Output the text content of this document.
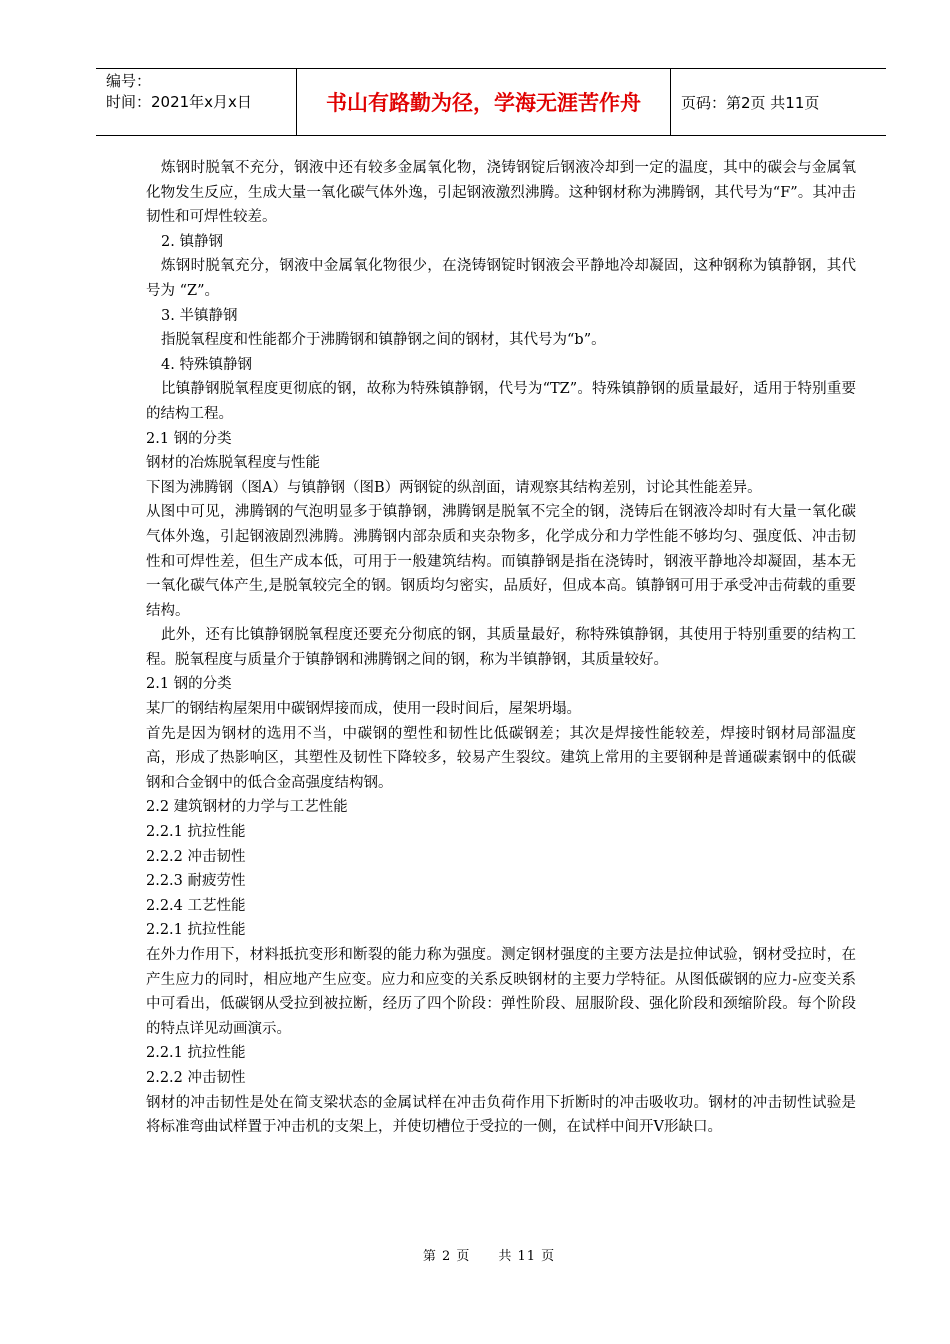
编号：
时间：2021年x月x日	书山有路勤为径，学海无涯苦作舟	页码：第2页 共11页

炼钢时脱氧不充分，钢液中还有较多金属氧化物，浇铸钢锭后钢液冷却到一定的温度，其中的碳会与金属氧化物发生反应，生成大量一氧化碳气体外逸，引起钢液激烈沸腾。这种钢材称为沸腾钢，其代号为“F”。其冲击韧性和可焊性较差。

2. 镇静钢

炼钢时脱氧充分，钢液中金属氧化物很少，在浇铸钢锭时钢液会平静地冷却凝固，这种钢称为镇静钢，其代号为 “Z”。

3. 半镇静钢

指脱氧程度和性能都介于沸腾钢和镇静钢之间的钢材，其代号为“b”。

4. 特殊镇静钢

比镇静钢脱氧程度更彻底的钢，故称为特殊镇静钢，代号为“TZ”。特殊镇静钢的质量最好，适用于特别重要的结构工程。

2.1 钢的分类

钢材的冶炼脱氧程度与性能

下图为沸腾钢（图A）与镇静钢（图B）两钢锭的纵剖面，请观察其结构差别，讨论其性能差异。

从图中可见，沸腾钢的气泡明显多于镇静钢，沸腾钢是脱氧不完全的钢，浇铸后在钢液冷却时有大量一氧化碳气体外逸，引起钢液剧烈沸腾。沸腾钢内部杂质和夹杂物多，化学成分和力学性能不够均匀、强度低、冲击韧性和可焊性差，但生产成本低，可用于一般建筑结构。而镇静钢是指在浇铸时，钢液平静地冷却凝固，基本无一氧化碳气体产生,是脱氧较完全的钢。钢质均匀密实，品质好，但成本高。镇静钢可用于承受冲击荷载的重要结构。

此外，还有比镇静钢脱氧程度还要充分彻底的钢，其质量最好，称特殊镇静钢，其使用于特别重要的结构工程。脱氧程度与质量介于镇静钢和沸腾钢之间的钢，称为半镇静钢，其质量较好。

2.1 钢的分类

某厂的钢结构屋架用中碳钢焊接而成，使用一段时间后，屋架坍塌。

首先是因为钢材的选用不当，中碳钢的塑性和韧性比低碳钢差；其次是焊接性能较差，焊接时钢材局部温度高，形成了热影响区，其塑性及韧性下降较多，较易产生裂纹。建筑上常用的主要钢种是普通碳素钢中的低碳钢和合金钢中的低合金高强度结构钢。

2.2 建筑钢材的力学与工艺性能

2.2.1 抗拉性能

2.2.2 冲击韧性

2.2.3 耐疲劳性

2.2.4 工艺性能

2.2.1 抗拉性能

在外力作用下，材料抵抗变形和断裂的能力称为强度。测定钢材强度的主要方法是拉伸试验，钢材受拉时，在产生应力的同时，相应地产生应变。应力和应变的关系反映钢材的主要力学特征。从图低碳钢的应力-应变关系中可看出，低碳钢从受拉到被拉断，经历了四个阶段：弹性阶段、屈服阶段、强化阶段和颈缩阶段。每个阶段的特点详见动画演示。

2.2.1 抗拉性能

2.2.2 冲击韧性

钢材的冲击韧性是处在简支梁状态的金属试样在冲击负荷作用下折断时的冲击吸收功。钢材的冲击韧性试验是将标准弯曲试样置于冲击机的支架上，并使切槽位于受拉的一侧，在试样中间开V形缺口。

第 2 页 共 11 页
